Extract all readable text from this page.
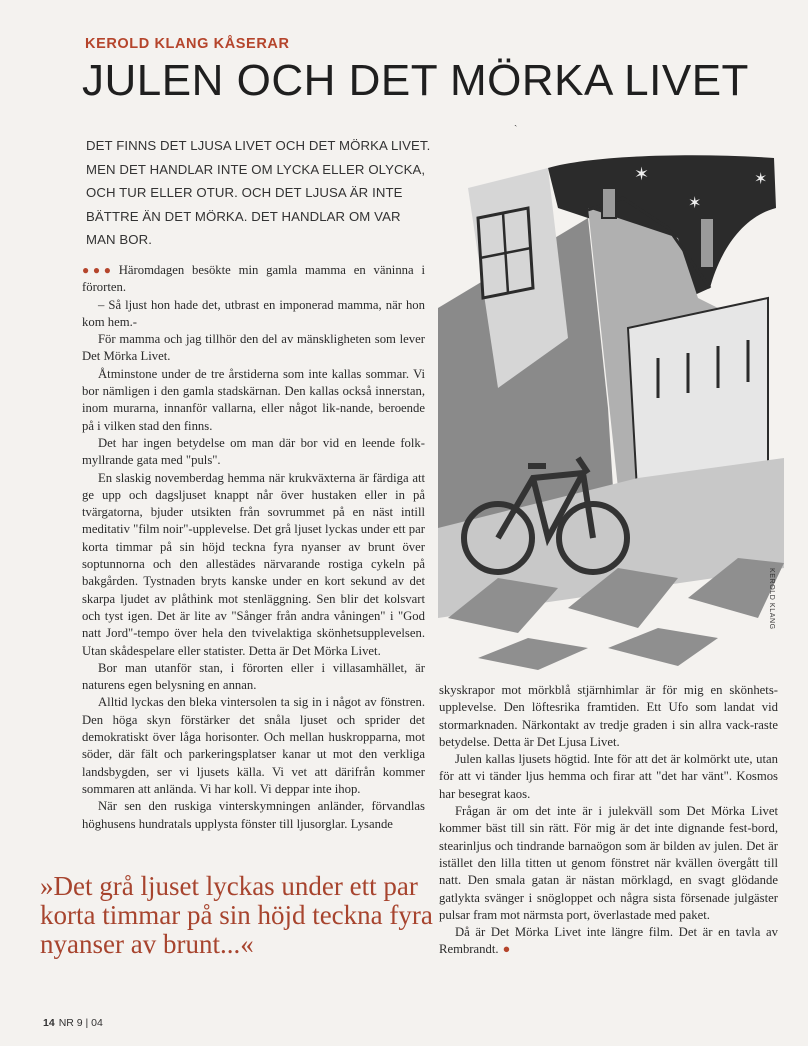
KEROLD KLANG KÅSERAR
JULEN OCH DET MÖRKA LIVET
ˎ
DET FINNS DET LJUSA LIVET OCH DET MÖRKA LIVET.
MEN DET HANDLAR INTE OM LYCKA ELLER OLYCKA,
OCH TUR ELLER OTUR. OCH DET LJUSA ÄR INTE
BÄTTRE ÄN DET MÖRKA. DET HANDLAR OM VAR
MAN BOR.

●●● Häromdagen besökte min gamla mamma en väninna i förorten.

– Så ljust hon hade det, utbrast en imponerad mamma, när hon kom hem.-

För mamma och jag tillhör den del av mänskligheten som lever Det Mörka Livet.

Åtminstone under de tre årstiderna som inte kallas sommar. Vi bor nämligen i den gamla stadskärnan. Den kallas också innerstan, inom murarna, innanför vallarna, eller något lik-nande, beroende på i vilken stad den finns.

Det har ingen betydelse om man där bor vid en leende folk-myllrande gata med "puls".

En slaskig novemberdag hemma när krukväxterna är färdiga att ge upp och dagsljuset knappt når över hustaken eller in på tvärgatorna, bjuder utsikten från sovrummet på en näst intill meditativ "film noir"-upplevelse. Det grå ljuset lyckas under ett par korta timmar på sin höjd teckna fyra nyanser av brunt över soptunnorna och den allestädes närvarande rostiga cykeln på bakgården. Tystnaden bryts kanske under en kort sekund av det skarpa ljudet av plåthink mot stenläggning. Sen blir det kolsvart och tyst igen. Det är lite av "Sånger från andra våningen" i "God natt Jord"-tempo över hela den tvivelaktiga skönhetsupplevelsen. Utan skådespelare eller statister. Detta är Det Mörka Livet.

Bor man utanför stan, i förorten eller i villasamhället, är naturens egen belysning en annan.

Alltid lyckas den bleka vintersolen ta sig in i något av fönstren. Den höga skyn förstärker det snåla ljuset och sprider det demokratiskt över låga horisonter. Och mellan huskropparna, mot söder, där fält och parkeringsplatser kanar ut mot den verkliga landsbygden, ser vi ljusets källa. Vi vet att därifrån kommer sommaren att anlända. Vi har koll. Vi deppar inte ihop.

När sen den ruskiga vinterskymningen anländer, förvandlas höghusens hundratals upplysta fönster till ljusorglar. Lysande

skyskrapor mot mörkblå stjärnhimlar är för mig en skönhets-upplevelse. Den löftesrika framtiden. Ett Ufo som landat vid stormarknaden. Närkontakt av tredje graden i sin allra vack-raste betydelse. Detta är Det Ljusa Livet.

Julen kallas ljusets högtid. Inte för att det är kolmörkt ute, utan för att vi tänder ljus hemma och firar att "det har vänt". Kosmos har besegrat kaos.

Frågan är om det inte är i julekväll som Det Mörka Livet kommer bäst till sin rätt. För mig är det inte dignande fest-bord, stearinljus och tindrande barnaögon som är bilden av julen. Det är istället den lilla titten ut genom fönstret när kvällen övergått till natt. Den smala gatan är nästan mörklagd, en svagt glödande gatlykta svänger i snögloppet och några sista försenade julgäster pulsar fram mot närmsta port, överlastade med paket.

Då är Det Mörka Livet inte längre film. Det är en tavla av Rembrandt. ●

»Det grå ljuset lyckas under ett par
korta timmar på sin höjd teckna fyra
nyanser av brunt...«
14 NR 9 | 04
✶	✶
✶
KEROLD KLANG
